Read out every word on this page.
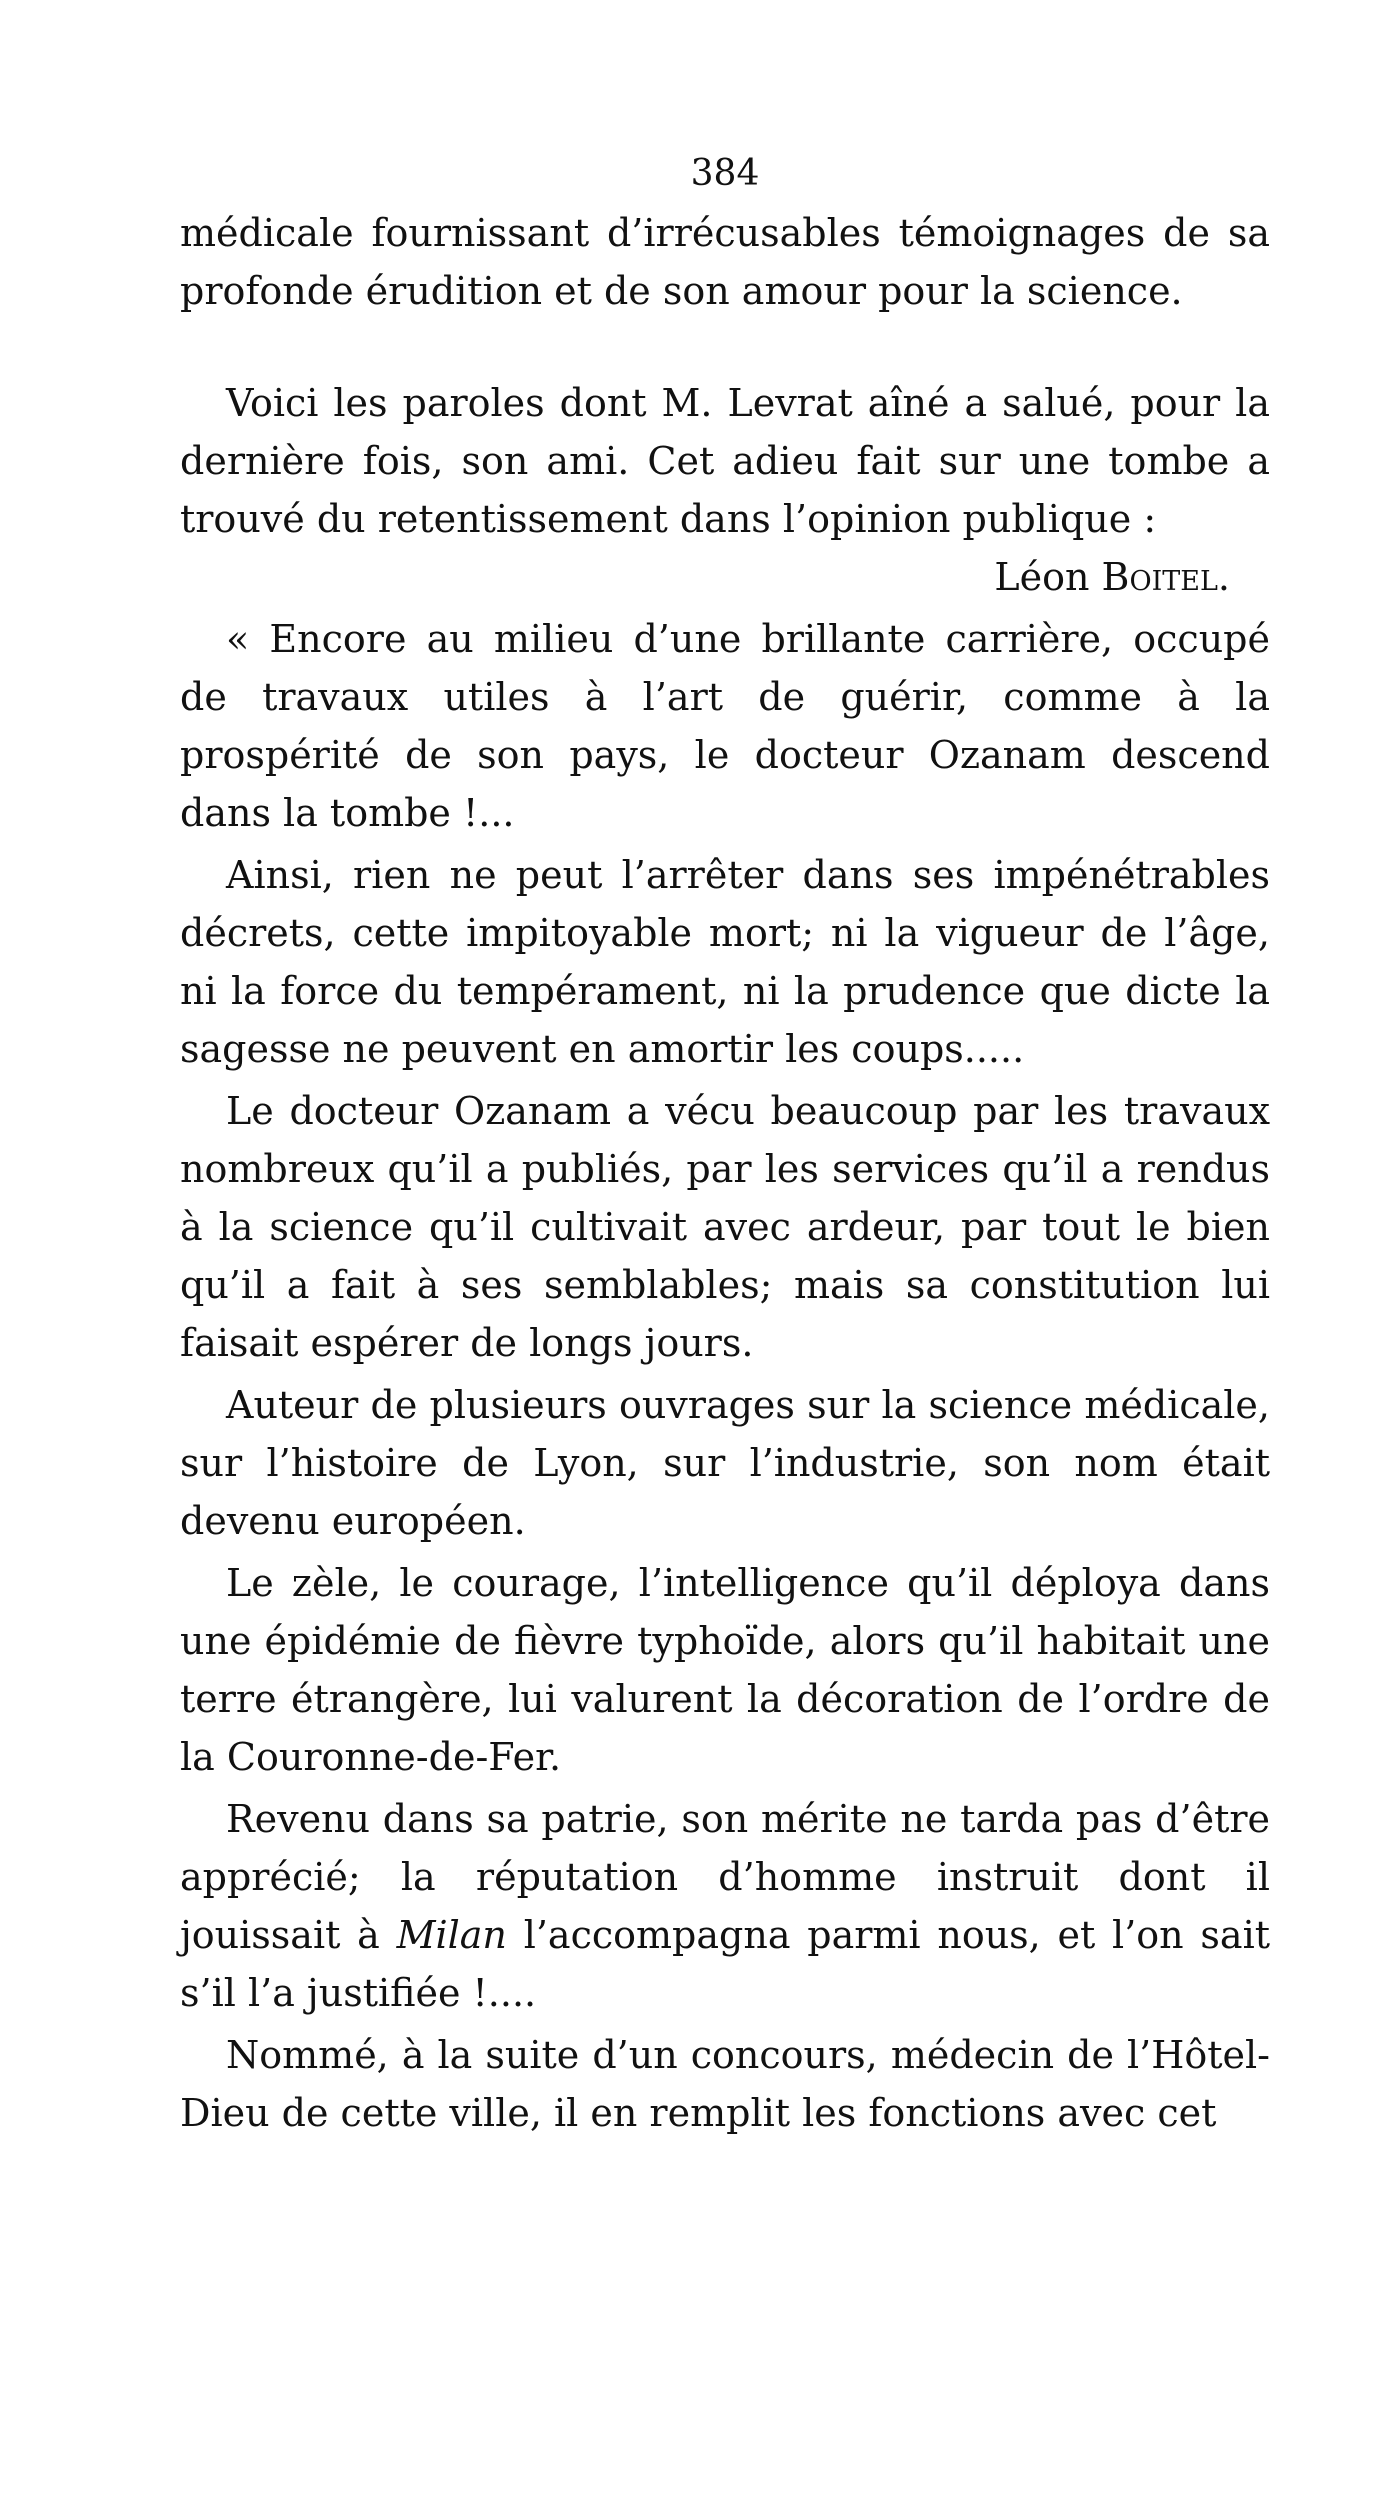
384

médicale fournissant d’irrécusables témoignages de sa profonde érudition et de son amour pour la science.

Voici les paroles dont M. Levrat aîné a salué, pour la dernière fois, son ami. Cet adieu fait sur une tombe a trouvé du retentissement dans l’opinion publique :

Léon Boitel.

« Encore au milieu d’une brillante carrière, occupé de travaux utiles à l’art de guérir, comme à la prospérité de son pays, le docteur Ozanam descend dans la tombe !...

Ainsi, rien ne peut l’arrêter dans ses impénétrables décrets, cette impitoyable mort; ni la vigueur de l’âge, ni la force du tempérament, ni la prudence que dicte la sagesse ne peuvent en amortir les coups.....

Le docteur Ozanam a vécu beaucoup par les travaux nombreux qu’il a publiés, par les services qu’il a rendus à la science qu’il cultivait avec ardeur, par tout le bien qu’il a fait à ses semblables; mais sa constitution lui faisait espérer de longs jours.

Auteur de plusieurs ouvrages sur la science médicale, sur l’histoire de Lyon, sur l’industrie, son nom était devenu européen.

Le zèle, le courage, l’intelligence qu’il déploya dans une épidémie de fièvre typhoïde, alors qu’il habitait une terre étrangère, lui valurent la décoration de l’ordre de la Couronne-de-Fer.

Revenu dans sa patrie, son mérite ne tarda pas d’être apprécié; la réputation d’homme instruit dont il jouissait à Milan l’accompagna parmi nous, et l’on sait s’il l’a justifiée !....

Nommé, à la suite d’un concours, médecin de l’Hôtel-Dieu de cette ville, il en remplit les fonctions avec cet
